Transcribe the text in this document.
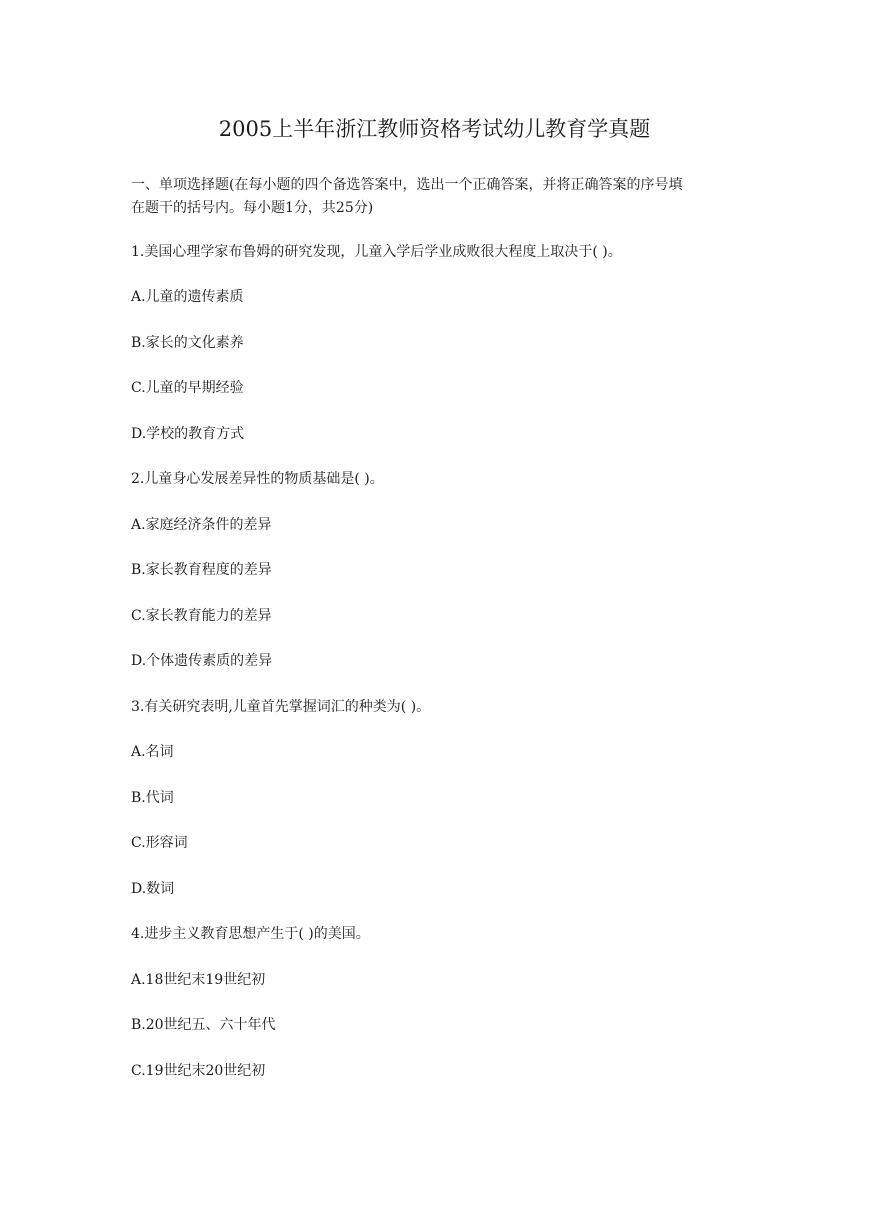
2005上半年浙江教师资格考试幼儿教育学真题
一、单项选择题(在每小题的四个备选答案中，选出一个正确答案，并将正确答案的序号填
在题干的括号内。每小题1分，共25分)

1.美国心理学家布鲁姆的研究发现，儿童入学后学业成败很大程度上取决于( )。

A.儿童的遗传素质

B.家长的文化素养

C.儿童的早期经验

D.学校的教育方式

2.儿童身心发展差异性的物质基础是( )。

A.家庭经济条件的差异

B.家长教育程度的差异

C.家长教育能力的差异

D.个体遗传素质的差异

3.有关研究表明,儿童首先掌握词汇的种类为( )。

A.名词

B.代词

C.形容词

D.数词

4.进步主义教育思想产生于( )的美国。

A.18世纪末19世纪初

B.20世纪五、六十年代

C.19世纪末20世纪初
